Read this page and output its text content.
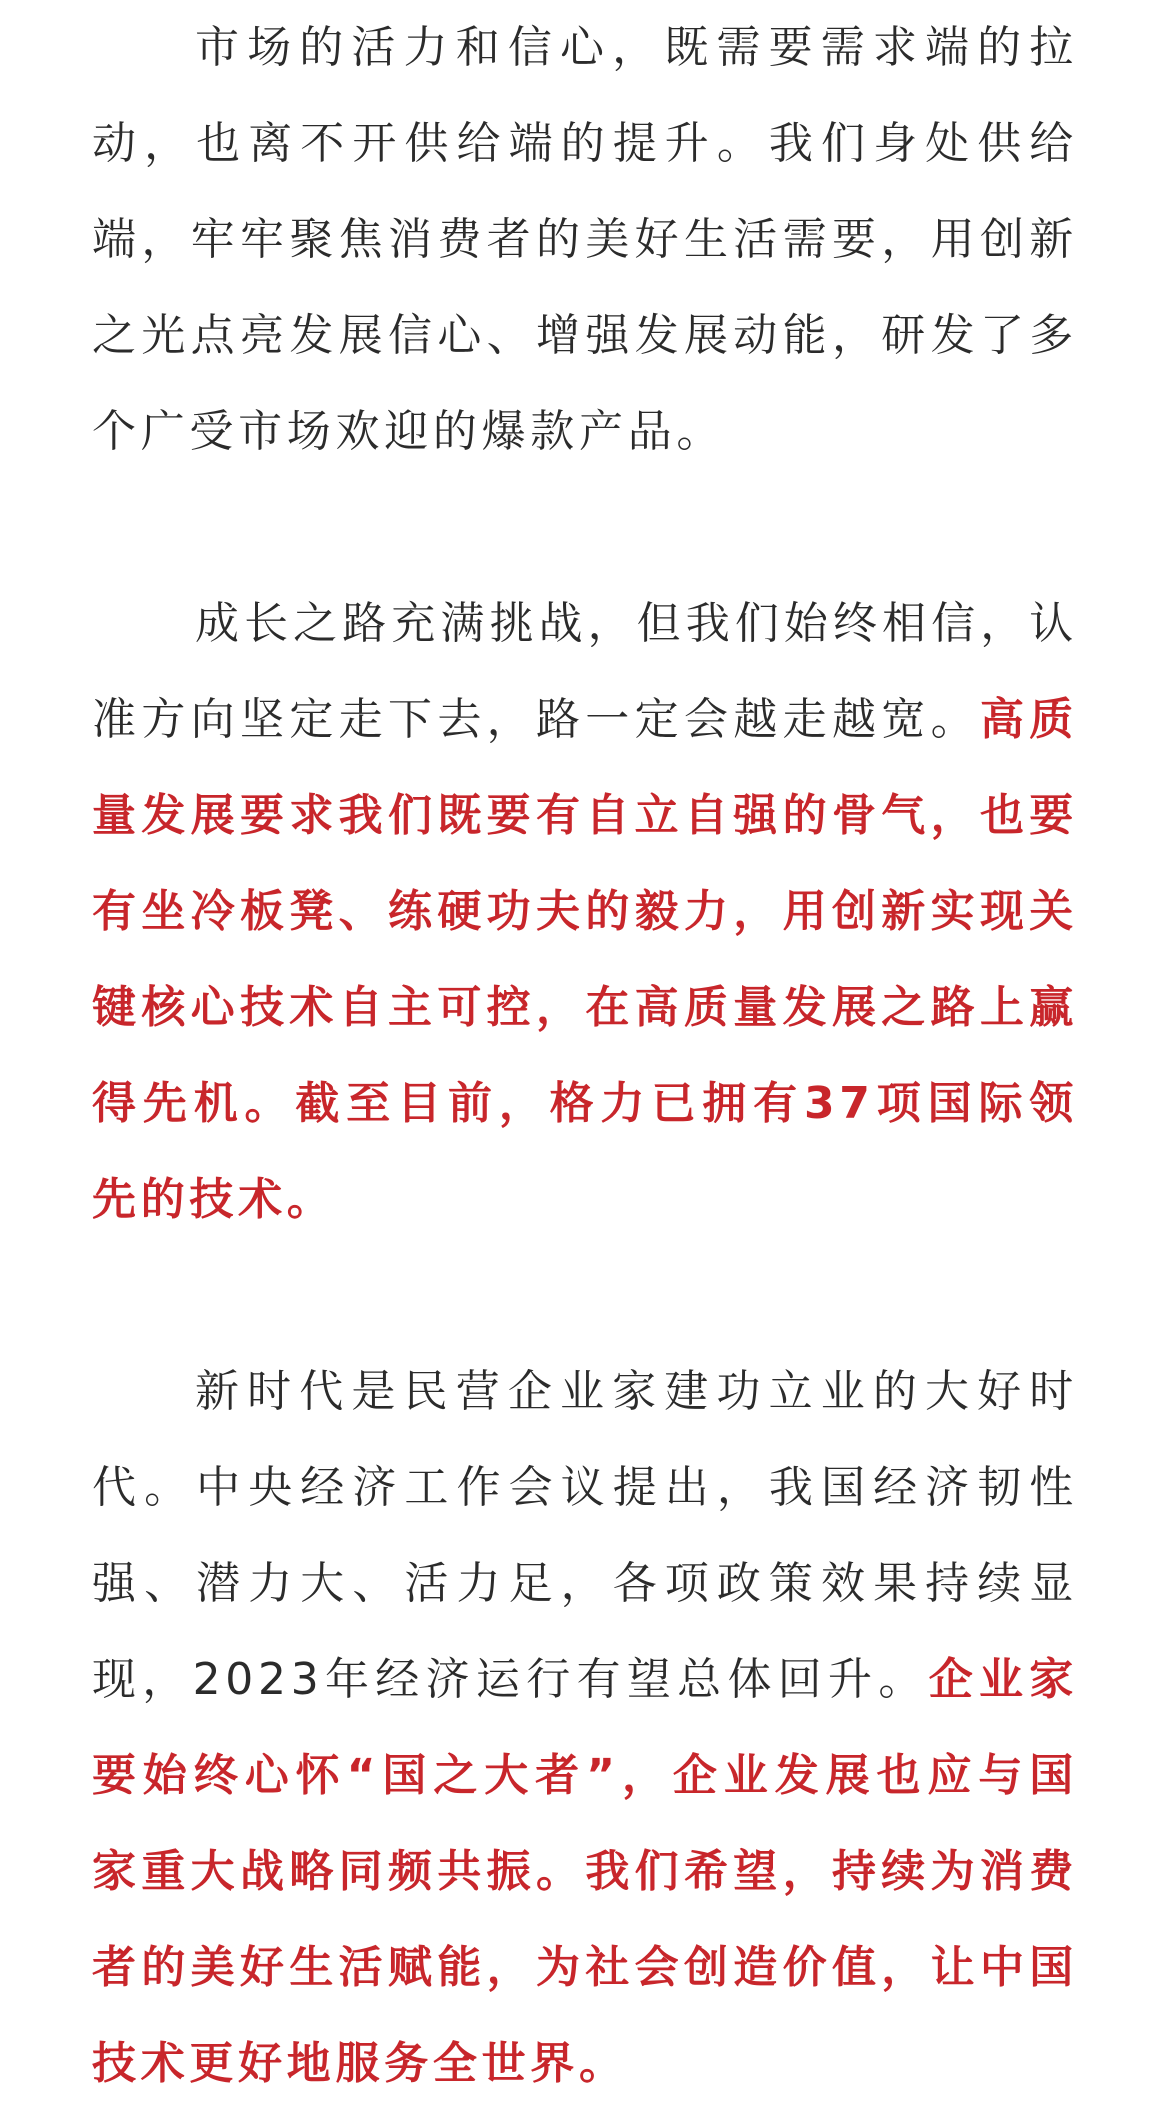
市场的活力和信心，既需要需求端的拉动，也离不开供给端的提升。我们身处供给端，牢牢聚焦消费者的美好生活需要，用创新之光点亮发展信心、增强发展动能，研发了多个广受市场欢迎的爆款产品。

成长之路充满挑战，但我们始终相信，认准方向坚定走下去，路一定会越走越宽。高质量发展要求我们既要有自立自强的骨气，也要有坐冷板凳、练硬功夫的毅力，用创新实现关键核心技术自主可控，在高质量发展之路上赢得先机。截至目前，格力已拥有37项国际领先的技术。

新时代是民营企业家建功立业的大好时代。中央经济工作会议提出，我国经济韧性强、潜力大、活力足，各项政策效果持续显现，2023年经济运行有望总体回升。企业家要始终心怀“国之大者”，企业发展也应与国家重大战略同频共振。我们希望，持续为消费者的美好生活赋能，为社会创造价值，让中国技术更好地服务全世界。
